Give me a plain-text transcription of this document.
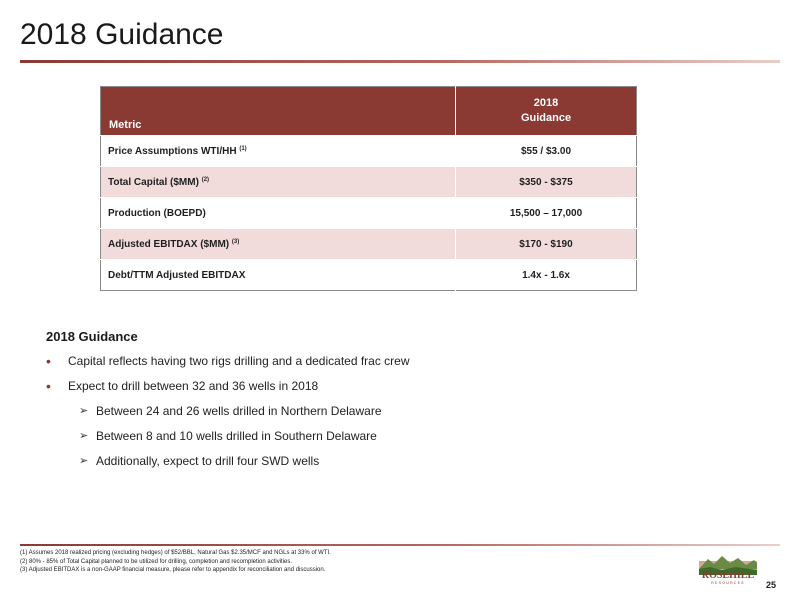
2018 Guidance
Metric	2018
Guidance

Price Assumptions WTI/HH $^{(1)}$	$55 / $3.00
Total Capital ($MM) $^{(2)}$	$350 - $375
Production (BOEPD)	15,500 – 17,000
Adjusted EBITDAX ($MM) $^{(3)}$	$170 - $190
Debt/TTM Adjusted EBITDAX	1.4x - 1.6x
2018 Guidance
• Capital reflects having two rigs drilling and a dedicated frac crew
• Expect to drill between 32 and 36 wells in 2018
➢ Between 24 and 26 wells drilled in Northern Delaware
➢ Between 8 and 10 wells drilled in Southern Delaware
➢ Additionally, expect to drill four SWD wells
(1) Assumes 2018 realized pricing (excluding hedges) of $52/BBL, Natural Gas $2.35/MCF and NGLs at 33% of WTI.
(2) 80% - 85% of Total Capital planned to be utilized for drilling, completion and recompletion activities.
(3) Adjusted EBITDAX is a non-GAAP financial measure, please refer to appendix for reconciliation and discussion.	ROSEHILL
RESOURCES 25
